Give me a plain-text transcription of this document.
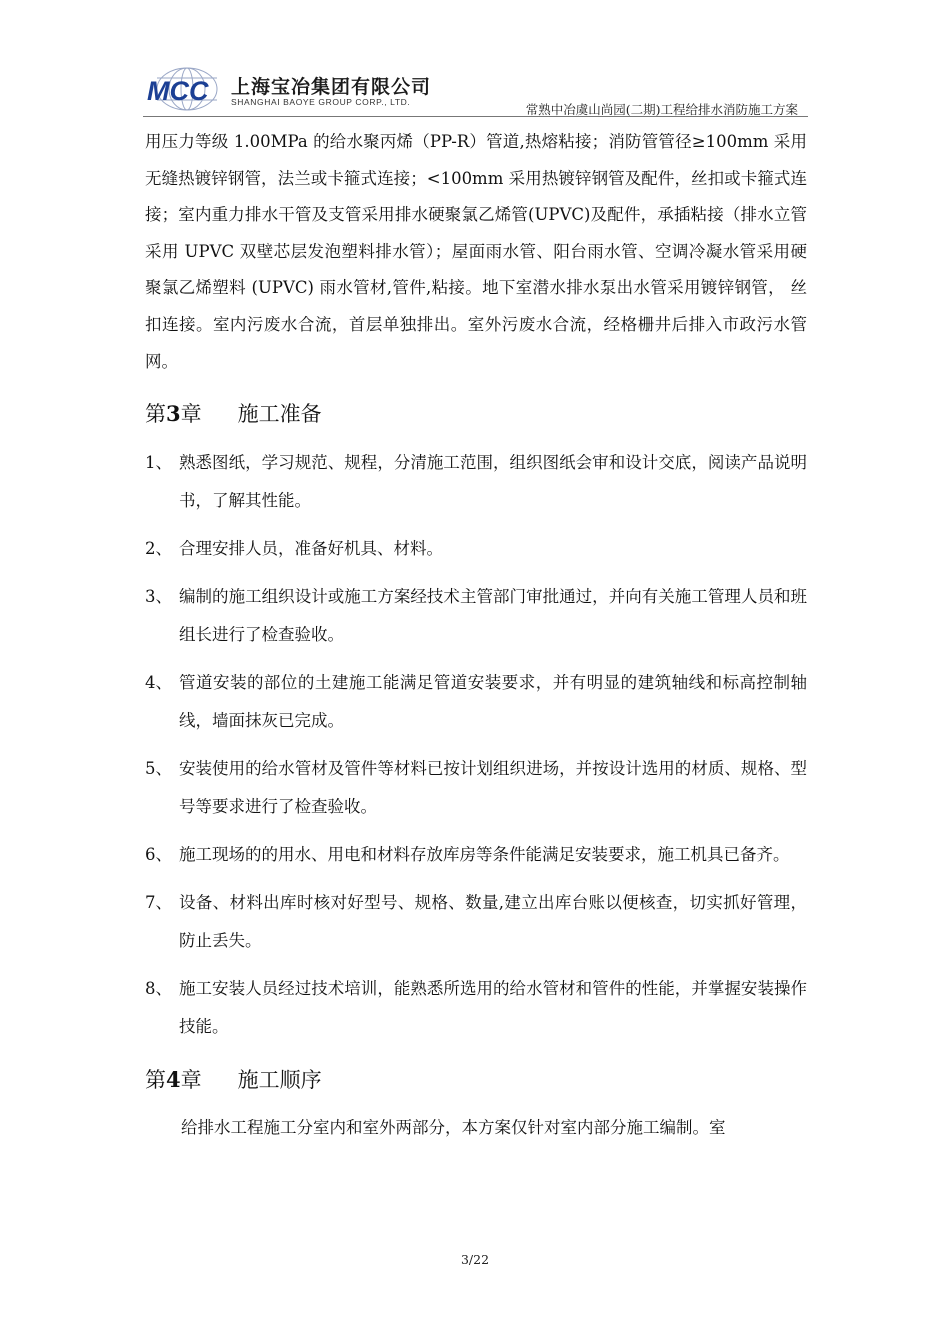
MCC 上海宝冶集团有限公司
SHANGHAI BAOYE GROUP CORP., LTD.	常熟中冶虞山尚园(二期)工程给排水消防施工方案

用压力等级 1.00MPa 的给水聚丙烯（PP-R）管道,热熔粘接；消防管管径≥100mm 采用无缝热镀锌钢管，法兰或卡箍式连接；<100mm 采用热镀锌钢管及配件，丝扣或卡箍式连接；室内重力排水干管及支管采用排水硬聚氯乙烯管(UPVC)及配件，承插粘接（排水立管采用 UPVC 双壁芯层发泡塑料排水管）；屋面雨水管、阳台雨水管、空调冷凝水管采用硬聚氯乙烯塑料 (UPVC) 雨水管材,管件,粘接。地下室潜水排水泵出水管采用镀锌钢管， 丝扣连接。室内污废水合流，首层单独排出。室外污废水合流，经格栅井后排入市政污水管网。

第3章 施工准备
1、 熟悉图纸，学习规范、规程，分清施工范围，组织图纸会审和设计交底，阅读产品说明书，了解其性能。
2、 合理安排人员，准备好机具、材料。
3、 编制的施工组织设计或施工方案经技术主管部门审批通过，并向有关施工管理人员和班组长进行了检查验收。
4、 管道安装的部位的土建施工能满足管道安装要求，并有明显的建筑轴线和标高控制轴线，墙面抹灰已完成。
5、 安装使用的给水管材及管件等材料已按计划组织进场，并按设计选用的材质、规格、型号等要求进行了检查验收。
6、 施工现场的的用水、用电和材料存放库房等条件能满足安装要求，施工机具已备齐。
7、 设备、材料出库时核对好型号、规格、数量,建立出库台账以便核查，切实抓好管理，防止丢失。
8、 施工安装人员经过技术培训，能熟悉所选用的给水管材和管件的性能，并掌握安装操作技能。
第4章 施工顺序

给排水工程施工分室内和室外两部分，本方案仅针对室内部分施工编制。室

3/22
